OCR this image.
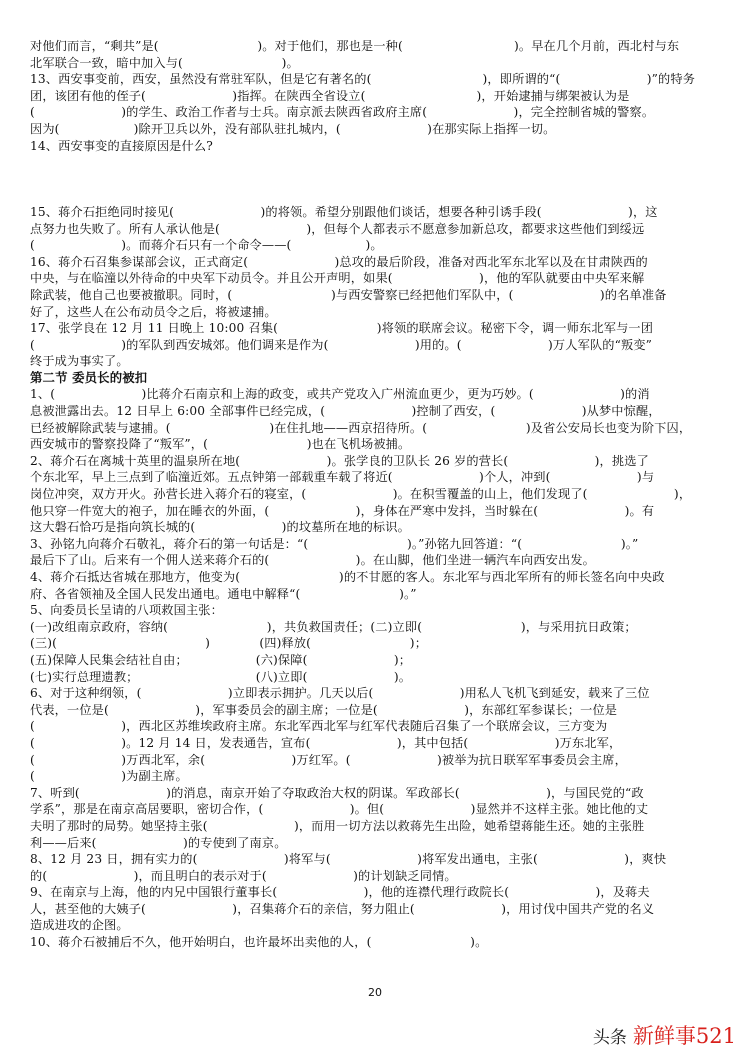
对他们而言，“剩共”是(　　　　　　　　)。对于他们，那也是一种(　　　　　　　　　)。早在几个月前，西北村与东
北军联合一致，暗中加入与(　　　　　　　　)。
13、西安事变前，西安，虽然没有常驻军队，但是它有著名的(　　　　　　　　　)，即所谓的“(　　　　　　　)”的特务
团，该团有他的侄子(　　　　　　　)指挥。在陕西全省设立(　　　　　　　　　)，开始逮捕与绑架被认为是
(　　　　　　　)的学生、政治工作者与士兵。南京派去陕西省政府主席(　　　　　　　)，完全控制省城的警察。
因为(　　　　　　)除开卫兵以外，没有部队驻扎城内，(　　　　　　　)在那实际上指挥一切。
14、西安事变的直接原因是什么?
15、蒋介石拒绝同时接见(　　　　　　　)的将领。希望分别跟他们谈话，想要各种引诱手段(　　　　　　　)，这
点努力也失败了。所有人承认他是(　　　　　　　)，但每个人都表示不愿意参加新总攻，都要求这些他们到绥远
(　　　　　　　)。而蒋介石只有一个命令——(　　　　　　)。
16、蒋介石召集参谋部会议，正式商定(　　　　　　　)总攻的最后阶段，准备对西北军东北军以及在甘肃陕西的
中央，与在临潼以外待命的中央军下动员令。并且公开声明，如果(　　　　　　　)，他的军队就要由中央军来解
除武装，他自己也要被撤职。同时，(　　　　　　　　)与西安警察已经把他们军队中，(　　　　　　　)的名单准备
好了，这些人在公布动员令之后，将被逮捕。
17、张学良在 12 月 11 日晚上 10:00 召集(　　　　　　　　)将领的联席会议。秘密下令，调一师东北军与一团
(　　　　　　　)的军队到西安城郊。他们调来是作为(　　　　　　　)用的。(　　　　　　　)万人军队的“叛变”
终于成为事实了。
第二节 委员长的被扣
1、(　　　　　　　)比蒋介石南京和上海的政变，或共产党攻入广州流血更少，更为巧妙。(　　　　　　　)的消
息被泄露出去。12 日早上 6:00 全部事件已经完成，(　　　　　　　)控制了西安，(　　　　　　　)从梦中惊醒，
已经被解除武装与逮捕。(　　　　　　　　)在住扎地——西京招待所。(　　　　　　　　)及省公安局长也变为阶下囚，
西安城市的警察投降了“叛军”，(　　　　　　　　)也在飞机场被捕。
2、蒋介石在离城十英里的温泉所在地(　　　　　　　)。张学良的卫队长 26 岁的营长(　　　　　　　)，挑选了
个东北军，早上三点到了临潼近郊。五点钟第一部载重车载了将近(　　　　　　　)个人，冲到(　　　　　　　)与
岗位冲突，双方开火。孙营长进入蒋介石的寝室，(　　　　　　　)。在积雪覆盖的山上，他们发现了(　　　　　　　)，
他只穿一件宽大的袍子，加在睡衣的外面，(　　　　　　　)，身体在严寒中发抖，当时躲在(　　　　　　　)。有
这大磐石恰巧是指向筑长城的(　　　　　　　)的坟墓所在地的标识。
3、孙铭九向蒋介石敬礼，蒋介石的第一句话是：“(　　　　　　　　)。”孙铭九回答道：“(　　　　　　　　)。”
最后下了山。后来有一个佣人送来蒋介石的(　　　　　　　)。在山脚，他们坐进一辆汽车向西安出发。
4、蒋介石抵达省城在那地方，他变为(　　　　　　　　)的不甘愿的客人。东北军与西北军所有的师长签名向中央政
府、各省领袖及全国人民发出通电。通电中解释“(　　　　　　　　)。”
5、向委员长呈请的八项救国主张：
(一)改组南京政府，容纳(　　　　　　　　)，共负救国责任；(二)立即(　　　　　　　　)，与采用抗日政策；
(三)(　　　　　　　　　　　　)　　　　(四)释放(　　　　　　　　)；
(五)保障人民集会结社自由；　　　　　　(六)保障(　　　　　　　)；
(七)实行总理遗教；　　　　　　　　　　(八)立即(　　　　　　　)。
6、对于这种纲领，(　　　　　　　)立即表示拥护。几天以后(　　　　　　　)用私人飞机飞到延安，载来了三位
代表，一位是(　　　　　　　)，军事委员会的副主席；一位是(　　　　　　　)，东部红军参谋长；一位是
(　　　　　　　)，西北区苏维埃政府主席。东北军西北军与红军代表随后召集了一个联席会议，三方变为
(　　　　　　　)。12 月 14 日，发表通告，宣布(　　　　　　　)，其中包括(　　　　　　　)万东北军，
(　　　　　　　)万西北军，余(　　　　　　　)万红军。(　　　　　　　)被举为抗日联军军事委员会主席，
(　　　　　　　)为副主席。
7、听到(　　　　　　　)的消息，南京开始了夺取政治大权的阴谋。军政部长(　　　　　　　)，与国民党的“政
学系”，那是在南京高居要职，密切合作，(　　　　　　　)。但(　　　　　　　)显然并不这样主张。她比他的丈
夫明了那时的局势。她坚持主张(　　　　　　　)，而用一切方法以救蒋先生出险，她希望蒋能生还。她的主张胜
利——后来(　　　　　　　)的专使到了南京。
8、12 月 23 日，拥有实力的(　　　　　　　)将军与(　　　　　　　)将军发出通电，主张(　　　　　　　)，爽快
的(　　　　　　　)，而且明白的表示对于(　　　　　　　)的计划缺乏同情。
9、在南京与上海，他的内兄中国银行董事长(　　　　　　　)，他的连襟代理行政院长(　　　　　　　)，及蒋夫
人，甚至他的大姨子(　　　　　　　)，召集蒋介石的亲信，努力阻止(　　　　　　　)，用讨伐中国共产党的名义
造成进攻的企图。
10、蒋介石被捕后不久，他开始明白，也许最坏出卖他的人，(　　　　　　　　)。
20
头条 新鲜事521
